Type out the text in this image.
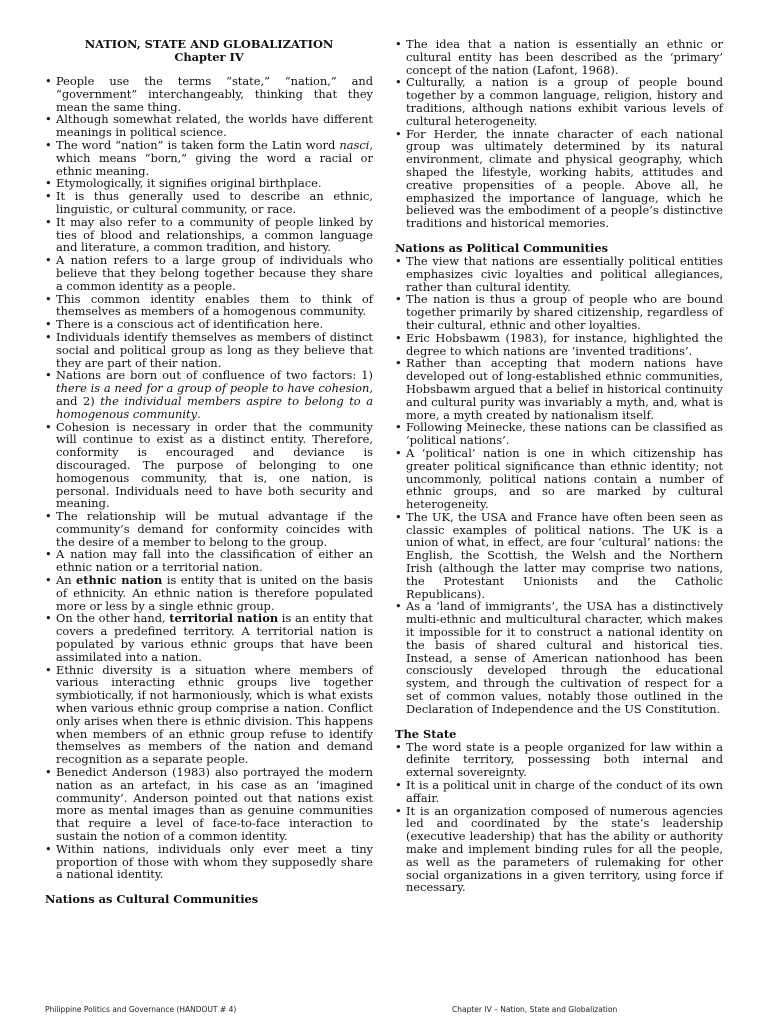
NATION, STATE AND GLOBALIZATION

Chapter IV

• People use the terms “state,” “nation,” and “government” interchangeably, thinking that they mean the same thing.
• Although somewhat related, the worlds have different meanings in political science.
• The word “nation” is taken form the Latin word nasci, which means “born,” giving the word a racial or ethnic meaning.
• Etymologically, it signifies original birthplace.
• It is thus generally used to describe an ethnic, linguistic, or cultural community, or race.
• It may also refer to a community of people linked by ties of blood and relationships, a common language and literature, a common tradition, and history.
• A nation refers to a large group of individuals who believe that they belong together because they share a common identity as a people.
• This common identity enables them to think of themselves as members of a homogenous community.
• There is a conscious act of identification here.
• Individuals identify themselves as members of distinct social and political group as long as they believe that they are part of their nation.
• Nations are born out of confluence of two factors: 1) there is a need for a group of people to have cohesion, and 2) the individual members aspire to belong to a homogenous community.
• Cohesion is necessary in order that the community will continue to exist as a distinct entity. Therefore, conformity is encouraged and deviance is discouraged. The purpose of belonging to one homogenous community, that is, one nation, is personal. Individuals need to have both security and meaning.
• The relationship will be mutual advantage if the community’s demand for conformity coincides with the desire of a member to belong to the group.
• A nation may fall into the classification of either an ethnic nation or a territorial nation.
• An ethnic nation is entity that is united on the basis of ethnicity. An ethnic nation is therefore populated more or less by a single ethnic group.
• On the other hand, territorial nation is an entity that covers a predefined territory. A territorial nation is populated by various ethnic groups that have been assimilated into a nation.
• Ethnic diversity is a situation where members of various interacting ethnic groups live together symbiotically, if not harmoniously, which is what exists when various ethnic group comprise a nation. Conflict only arises when there is ethnic division. This happens when members of an ethnic group refuse to identify themselves as members of the nation and demand recognition as a separate people.
• Benedict Anderson (1983) also portrayed the modern nation as an artefact, in his case as an ‘imagined community’. Anderson pointed out that nations exist more as mental images than as genuine communities that require a level of face-to-face interaction to sustain the notion of a common identity.
• Within nations, individuals only ever meet a tiny proportion of those with whom they supposedly share a national identity.

Nations as Cultural Communities

• The idea that a nation is essentially an ethnic or cultural entity has been described as the ‘primary’ concept of the nation (Lafont, 1968).
• Culturally, a nation is a group of people bound together by a common language, religion, history and traditions, although nations exhibit various levels of cultural heterogeneity.
• For Herder, the innate character of each national group was ultimately determined by its natural environment, climate and physical geography, which shaped the lifestyle, working habits, attitudes and creative propensities of a people. Above all, he emphasized the importance of language, which he believed was the embodiment of a people’s distinctive traditions and historical memories.

Nations as Political Communities

• The view that nations are essentially political entities emphasizes civic loyalties and political allegiances, rather than cultural identity.
• The nation is thus a group of people who are bound together primarily by shared citizenship, regardless of their cultural, ethnic and other loyalties.
• Eric Hobsbawm (1983), for instance, highlighted the degree to which nations are ‘invented traditions’.
• Rather than accepting that modern nations have developed out of long-established ethnic communities, Hobsbawm argued that a belief in historical continuity and cultural purity was invariably a myth, and, what is more, a myth created by nationalism itself.
• Following Meinecke, these nations can be classified as ‘political nations’.
• A ‘political’ nation is one in which citizenship has greater political significance than ethnic identity; not uncommonly, political nations contain a number of ethnic groups, and so are marked by cultural heterogeneity.
• The UK, the USA and France have often been seen as classic examples of political nations. The UK is a union of what, in effect, are four ‘cultural’ nations: the English, the Scottish, the Welsh and the Northern Irish (although the latter may comprise two nations, the Protestant Unionists and the Catholic Republicans).
• As a ‘land of immigrants’, the USA has a distinctively multi-ethnic and multicultural character, which makes it impossible for it to construct a national identity on the basis of shared cultural and historical ties. Instead, a sense of American nationhood has been consciously developed through the educational system, and through the cultivation of respect for a set of common values, notably those outlined in the Declaration of Independence and the US Constitution.

The State

• The word state is a people organized for law within a definite territory, possessing both internal and external sovereignty.
• It is a political unit in charge of the conduct of its own affair.
• It is an organization composed of numerous agencies led and coordinated by the state’s leadership (executive leadership) that has the ability or authority make and implement binding rules for all the people, as well as the parameters of rulemaking for other social organizations in a given territory, using force if necessary.
Philippine Politics and Governance (HANDOUT # 4)	Chapter IV – Nation, State and Globalization
